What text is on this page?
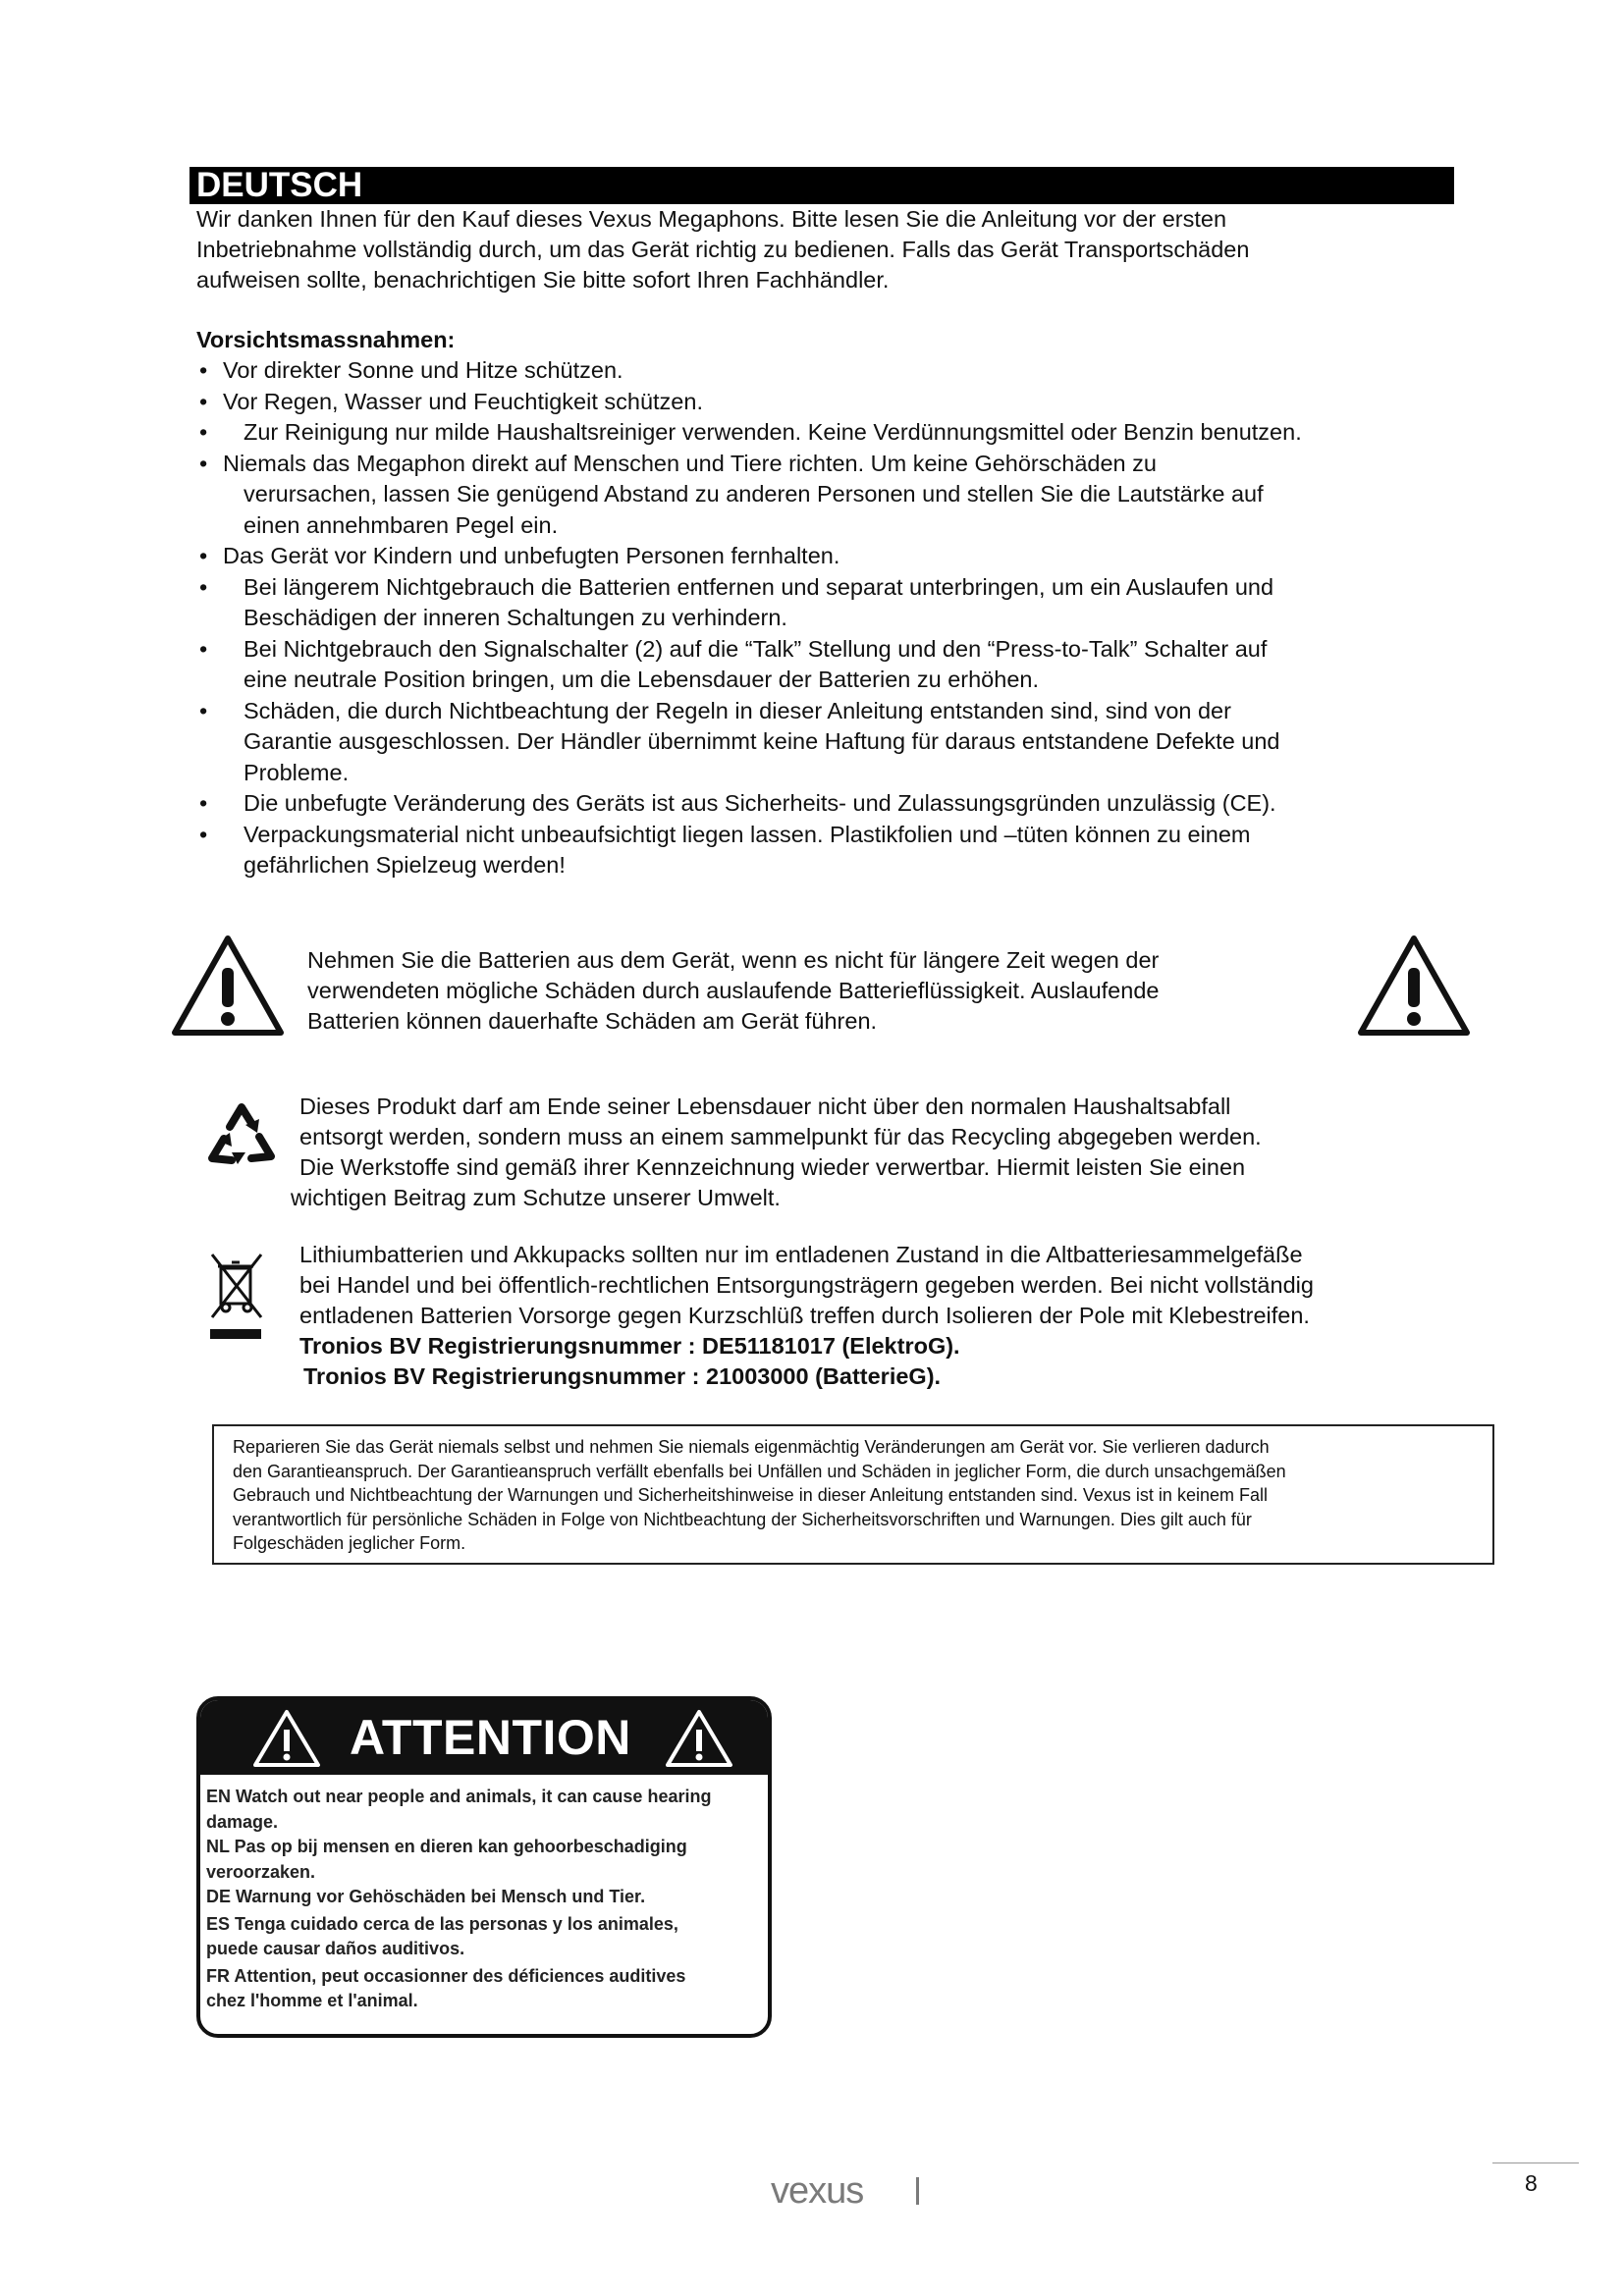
DEUTSCH

Wir danken Ihnen für den Kauf dieses Vexus Megaphons. Bitte lesen Sie die Anleitung vor der ersten

Inbetriebnahme vollständig durch, um das Gerät richtig zu bedienen. Falls das Gerät Transportschäden

aufweisen sollte, benachrichtigen Sie bitte sofort Ihren Fachhändler.

Vorsichtsmassnahmen:
• Vor direkter Sonne und Hitze schützen.
• Vor Regen, Wasser und Feuchtigkeit schützen.
• Zur Reinigung nur milde Haushaltsreiniger verwenden. Keine Verdünnungsmittel oder Benzin benutzen.
• Niemals das Megaphon direkt auf Menschen und Tiere richten. Um keine Gehörschäden zu
verursachen, lassen Sie genügend Abstand zu anderen Personen und stellen Sie die Lautstärke auf
einen annehmbaren Pegel ein.
• Das Gerät vor Kindern und unbefugten Personen fernhalten.
• Bei längerem Nichtgebrauch die Batterien entfernen und separat unterbringen, um ein Auslaufen und
Beschädigen der inneren Schaltungen zu verhindern.
• Bei Nichtgebrauch den Signalschalter (2) auf die “Talk” Stellung und den “Press-to-Talk” Schalter auf
eine neutrale Position bringen, um die Lebensdauer der Batterien zu erhöhen.
• Schäden, die durch Nichtbeachtung der Regeln in dieser Anleitung entstanden sind, sind von der
Garantie ausgeschlossen. Der Händler übernimmt keine Haftung für daraus entstandene Defekte und
Probleme.
• Die unbefugte Veränderung des Geräts ist aus Sicherheits- und Zulassungsgründen unzulässig (CE).
• Verpackungsmaterial nicht unbeaufsichtigt liegen lassen. Plastikfolien und –tüten können zu einem
gefährlichen Spielzeug werden!
Nehmen Sie die Batterien aus dem Gerät, wenn es nicht für längere Zeit wegen der
verwendeten mögliche Schäden durch auslaufende Batterieflüssigkeit. Auslaufende
Batterien können dauerhafte Schäden am Gerät führen.
Dieses Produkt darf am Ende seiner Lebensdauer nicht über den normalen Haushaltsabfall
entsorgt werden, sondern muss an einem sammelpunkt für das Recycling abgegeben werden.
Die Werkstoffe sind gemäß ihrer Kennzeichnung wieder verwertbar. Hiermit leisten Sie einen
wichtigen Beitrag zum Schutze unserer Umwelt.
Lithiumbatterien und Akkupacks sollten nur im entladenen Zustand in die Altbatteriesammelgefäße
bei Handel und bei öffentlich-rechtlichen Entsorgungsträgern gegeben werden. Bei nicht vollständig
entladenen Batterien Vorsorge gegen Kurzschlüß treffen durch Isolieren der Pole mit Klebestreifen.
Tronios BV Registrierungsnummer : DE51181017 (ElektroG).
Tronios BV Registrierungsnummer : 21003000 (BatterieG).
Reparieren Sie das Gerät niemals selbst und nehmen Sie niemals eigenmächtig Veränderungen am Gerät vor. Sie verlieren dadurch
den Garantieanspruch. Der Garantieanspruch verfällt ebenfalls bei Unfällen und Schäden in jeglicher Form, die durch unsachgemäßen
Gebrauch und Nichtbeachtung der Warnungen und Sicherheitshinweise in dieser Anleitung entstanden sind. Vexus ist in keinem Fall
verantwortlich für persönliche Schäden in Folge von Nichtbeachtung der Sicherheitsvorschriften und Warnungen. Dies gilt auch für
Folgeschäden jeglicher Form.
ATTENTION
EN Watch out near people and animals, it can cause hearing
damage.
NL Pas op bij mensen en dieren kan gehoorbeschadiging
veroorzaken.
DE Warnung vor Gehöschäden bei Mensch und Tier.
ES Tenga cuidado cerca de las personas y los animales,
puede causar daños auditivos.
FR Attention, peut occasionner des déficiences auditives
chez l'homme et l'animal.
vexus	8
